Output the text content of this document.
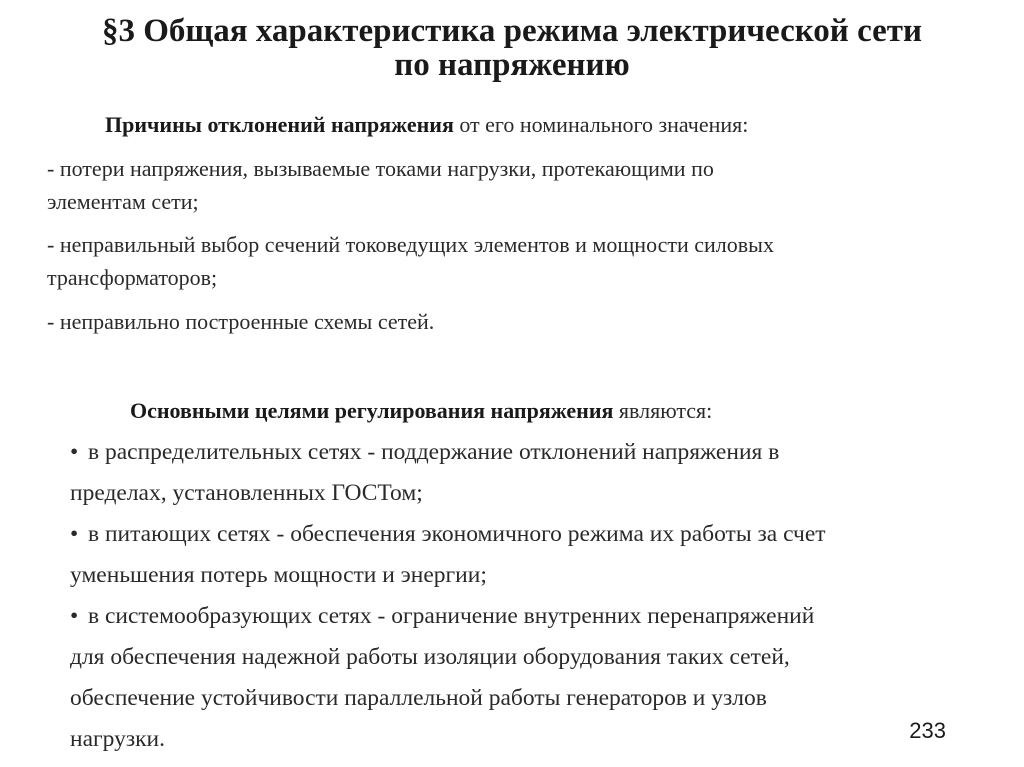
§3 Общая характеристика режима электрической сети
по напряжению
Причины отклонений напряжения от его номинального значения:
- потери напряжения, вызываемые токами нагрузки, протекающими по
элементам сети;
- неправильный выбор сечений токоведущих элементов и мощности силовых
трансформаторов;
- неправильно построенные схемы сетей.
Основными целями регулирования напряжения являются:
• в распределительных сетях - поддержание отклонений напряжения в
пределах, установленных ГОСТом;
• в питающих сетях - обеспечения экономичного режима их работы за счет
уменьшения потерь мощности и энергии;
• в системообразующих сетях - ограничение внутренних перенапряжений
для обеспечения надежной работы изоляции оборудования таких сетей,
обеспечение устойчивости параллельной работы генераторов и узлов
нагрузки.	233
